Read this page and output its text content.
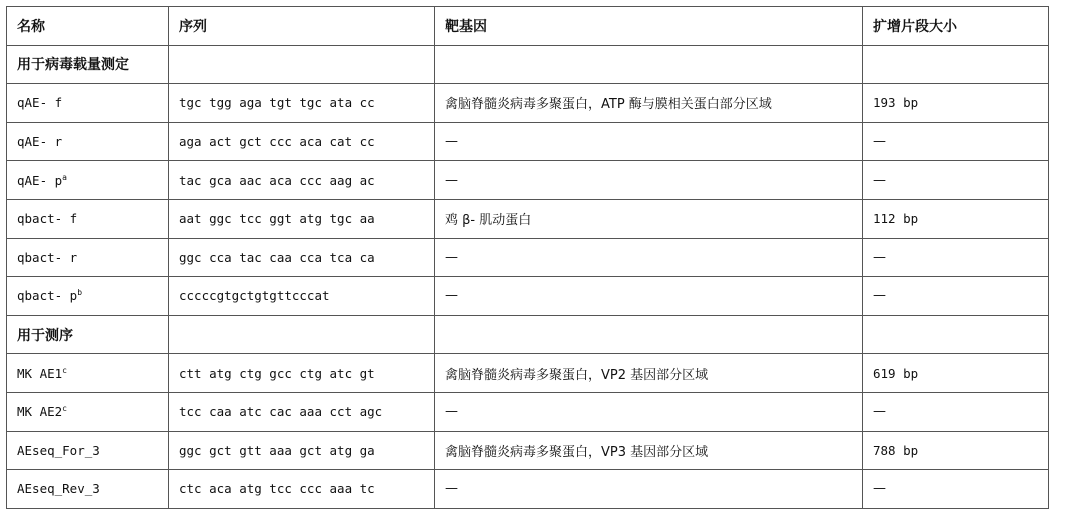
名称	序列	靶基因	扩增片段大小
用于病毒载量测定			
qAE- f	tgc tgg aga tgt tgc ata cc	禽脑脊髓炎病毒多聚蛋白，ATP 酶与膜相关蛋白部分区域	193 bp
qAE- r	aga act gct ccc aca cat cc	—	—
qAE- $p^a$	tac gca aac aca ccc aag ac	—	—
qbact- f	aat ggc tcc ggt atg tgc aa	鸡 β- 肌动蛋白	112 bp
qbact- r	ggc cca tac caa cca tca ca	—	—
qbact- $p^b$	cccccgtgctgtgttcccat	—	—
用于测序			
MK AE1$^c$	ctt atg ctg gcc ctg atc gt	禽脑脊髓炎病毒多聚蛋白，VP2 基因部分区域	619 bp
MK AE2$^c$	tcc caa atc cac aaa cct agc	—	—
AEseq_For_3	ggc gct gtt aaa gct atg ga	禽脑脊髓炎病毒多聚蛋白，VP3 基因部分区域	788 bp
AEseq_Rev_3	ctc aca atg tcc ccc aaa tc	—	—
